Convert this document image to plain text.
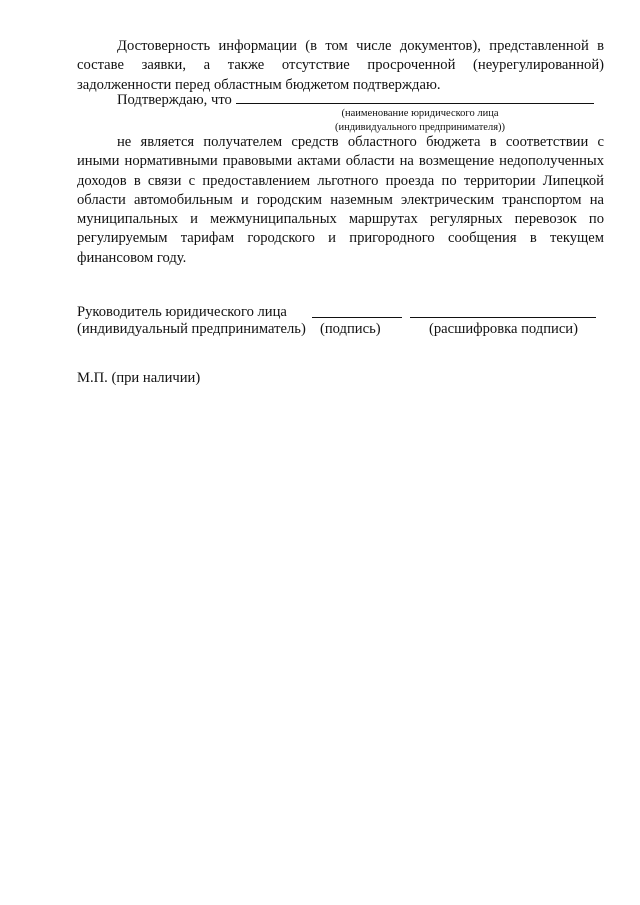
Достоверность информации (в том числе документов), представленной в составе заявки, а также отсутствие просроченной (неурегулированной) задолженности перед областным бюджетом подтверждаю.

Подтверждаю, что
(наименование юридического лица
(индивидуального предпринимателя))

не является получателем средств областного бюджета в соответствии с иными нормативными правовыми актами области на возмещение недополученных доходов в связи с предоставлением льготного проезда по территории Липецкой области автомобильным и городским наземным электрическим транспортом на муниципальных и межмуниципальных маршрутах регулярных перевозок по регулируемым тарифам городского и пригородного сообщения в текущем финансовом году.

Руководитель юридического лица
(индивидуальный предприниматель) (подпись)	(расшифровка подписи)
М.П. (при наличии)
